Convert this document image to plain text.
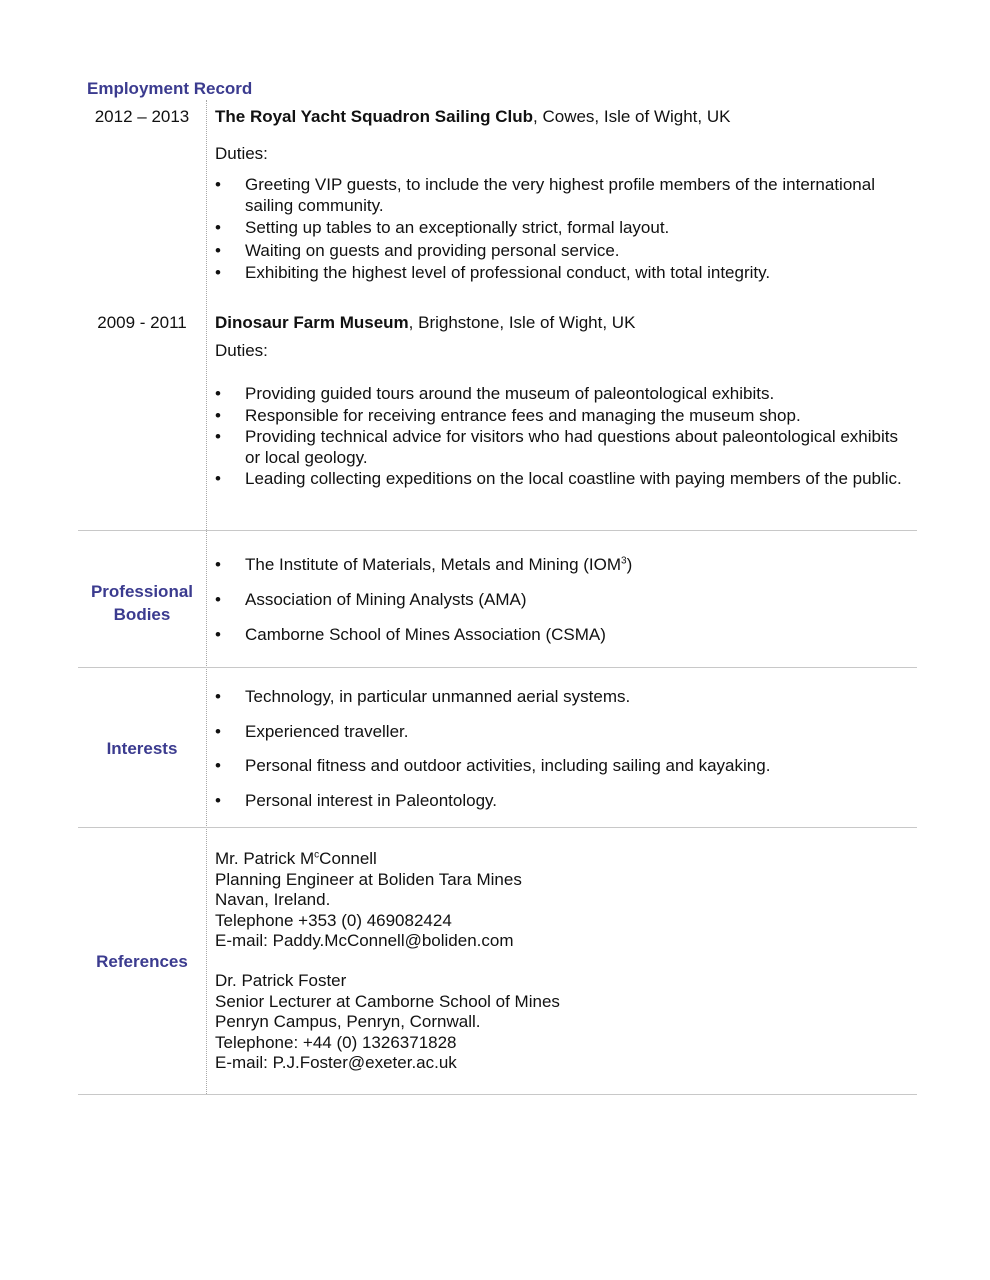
Employment Record
2012 – 2013	The Royal Yacht Squadron Sailing Club, Cowes, Isle of Wight, UK
Duties:
• Greeting VIP guests, to include the very highest profile members of the international sailing community.
• Setting up tables to an exceptionally strict, formal layout.
• Waiting on guests and providing personal service.
• Exhibiting the highest level of professional conduct, with total integrity.
2009 - 2011	Dinosaur Farm Museum, Brighstone, Isle of Wight, UK
Duties:
• Providing guided tours around the museum of paleontological exhibits.
• Responsible for receiving entrance fees and managing the museum shop.
• Providing technical advice for visitors who had questions about paleontological exhibits or local geology.
• Leading collecting expeditions on the local coastline with paying members of the public.
Professional Bodies
• The Institute of Materials, Metals and Mining (IOM$^3$)
• Association of Mining Analysts (AMA)
• Camborne School of Mines Association (CSMA)
Interests
• Technology, in particular unmanned aerial systems.
• Experienced traveller.
• Personal fitness and outdoor activities, including sailing and kayaking.
• Personal interest in Paleontology.
References
Mr. Patrick $M^cConnell$
Planning Engineer at Boliden Tara Mines
Navan, Ireland.
Telephone +353 (0) 469082424
E-mail: Paddy.McConnell@boliden.com
Dr. Patrick Foster
Senior Lecturer at Camborne School of Mines
Penryn Campus, Penryn, Cornwall.
Telephone: +44 (0) 1326371828
E-mail: P.J.Foster@exeter.ac.uk
